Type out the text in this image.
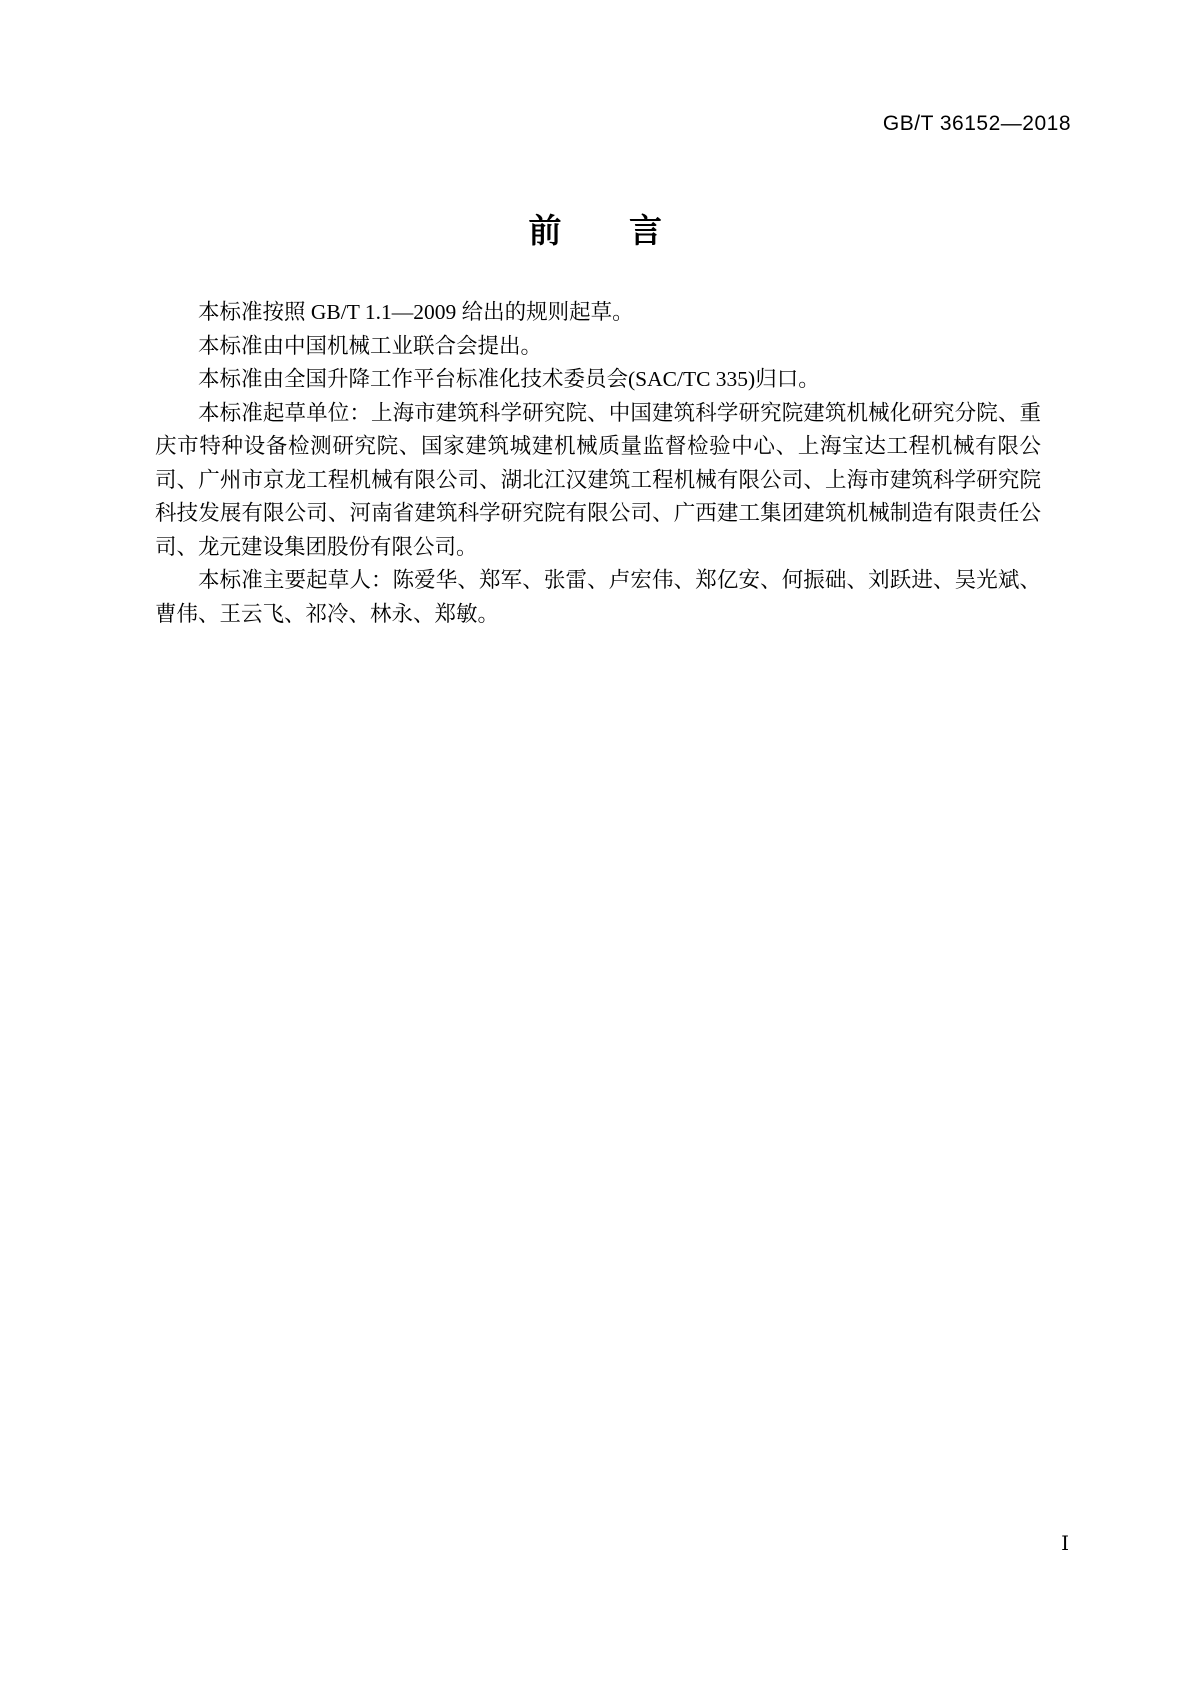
GB/T 36152—2018
前　　言

本标准按照 GB/T 1.1—2009 给出的规则起草。

本标准由中国机械工业联合会提出。

本标准由全国升降工作平台标准化技术委员会(SAC/TC 335)归口。

本标准起草单位：上海市建筑科学研究院、中国建筑科学研究院建筑机械化研究分院、重庆市特种设备检测研究院、国家建筑城建机械质量监督检验中心、上海宝达工程机械有限公司、广州市京龙工程机械有限公司、湖北江汉建筑工程机械有限公司、上海市建筑科学研究院科技发展有限公司、河南省建筑科学研究院有限公司、广西建工集团建筑机械制造有限责任公司、龙元建设集团股份有限公司。

本标准主要起草人：陈爱华、郑军、张雷、卢宏伟、郑亿安、何振础、刘跃进、吴光斌、曹伟、王云飞、祁冷、林永、郑敏。

Ⅰ
